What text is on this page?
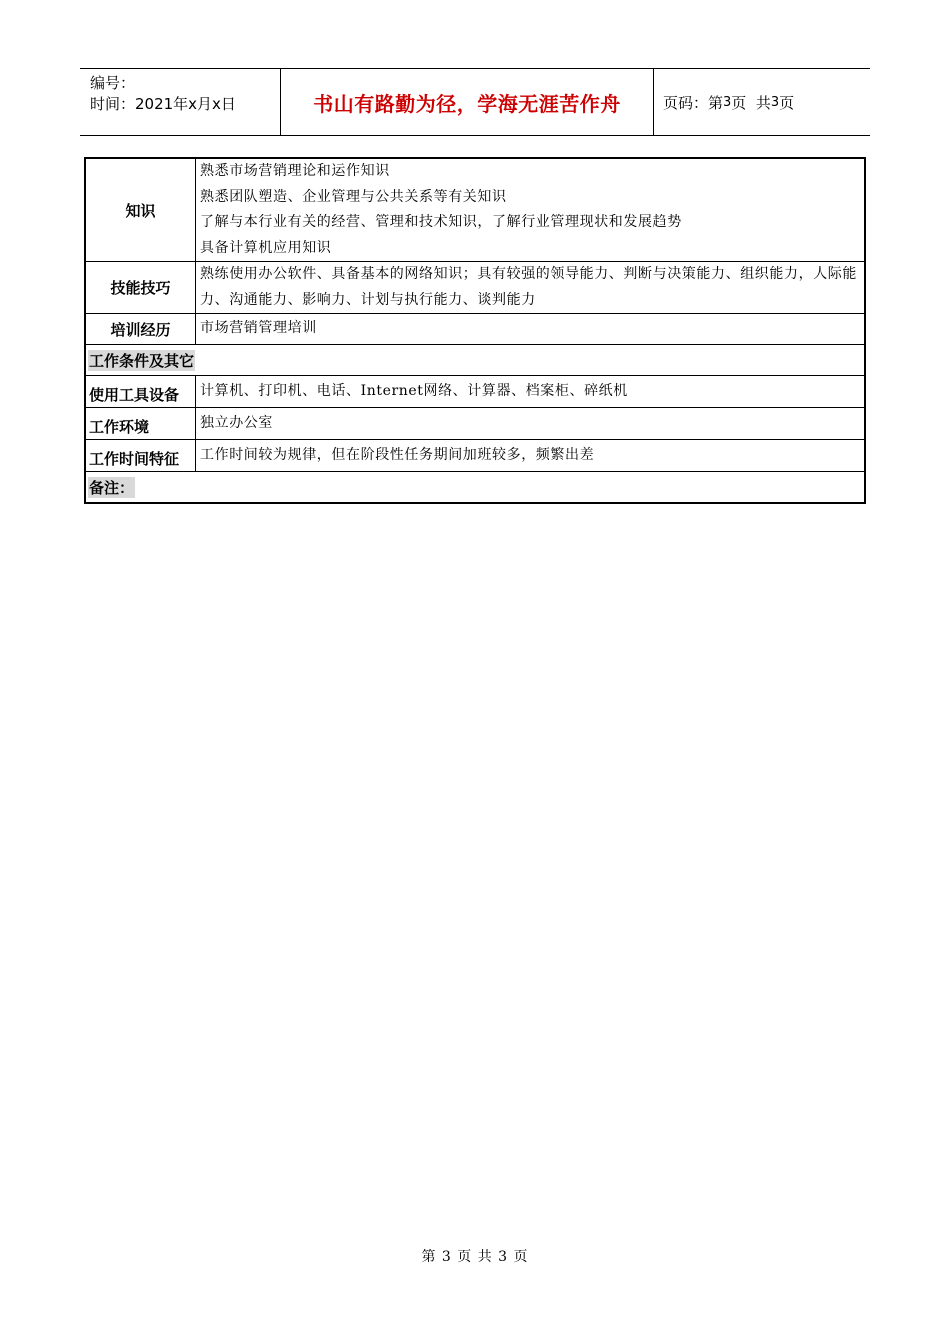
编号：
时间：2021年x月x日	书山有路勤为径，学海无涯苦作舟	页码：第 3 页  共 3 页
知识	熟悉市场营销理论和运作知识
熟悉团队塑造、企业管理与公共关系等有关知识
了解与本行业有关的经营、管理和技术知识，了解行业管理现状和发展趋势
具备计算机应用知识

技能技巧	熟练使用办公软件、具备基本的网络知识；具有较强的领导能力、判断与决策能力、组织能力，人际能力、沟通能力、影响力、计划与执行能力、谈判能力
培训经历	市场营销管理培训
工作条件及其它	
使用工具设备	计算机、打印机、电话、Internet网络、计算器、档案柜、碎纸机
工作环境	独立办公室
工作时间特征	工作时间较为规律，但在阶段性任务期间加班较多，频繁出差
备注：	
第 3 页 共 3 页
